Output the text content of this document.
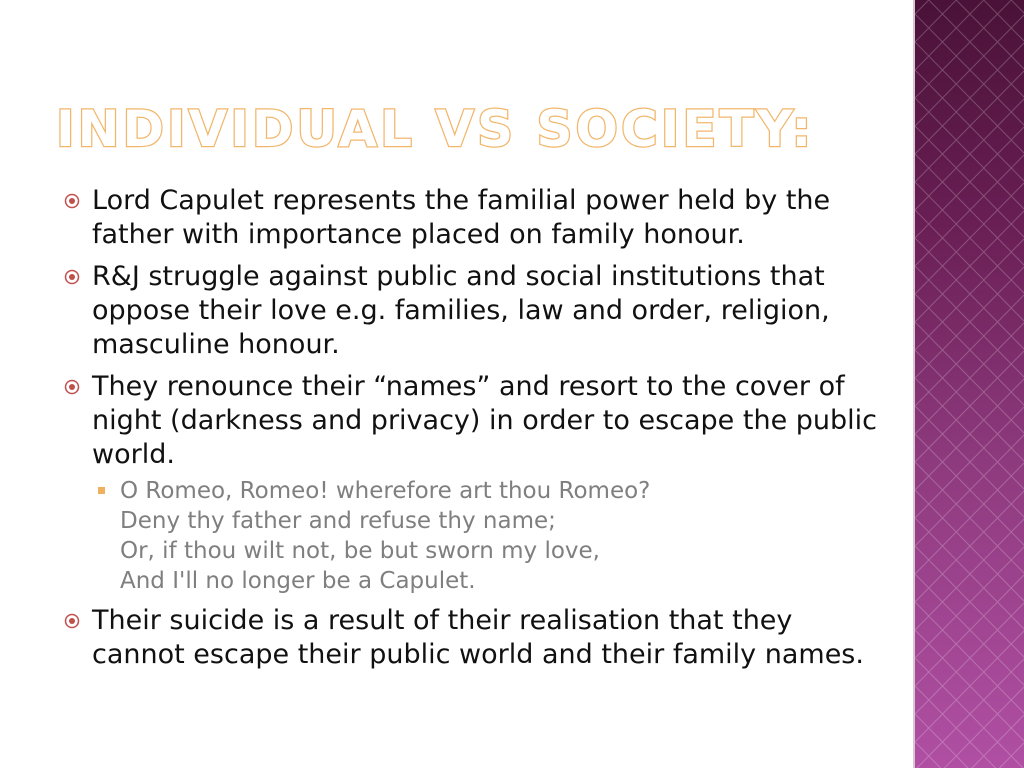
INDIVIDUAL VS SOCIETY:
Lord Capulet represents the familial power held by the father with importance placed on family honour.
R&J struggle against public and social institutions that oppose their love e.g. families, law and order, religion, masculine honour.
They renounce their “names” and resort to the cover of night (darkness and privacy) in order to escape the public world.
O Romeo, Romeo! wherefore art thou Romeo?
Deny thy father and refuse thy name;
Or, if thou wilt not, be but sworn my love,
And I'll no longer be a Capulet.
Their suicide is a result of their realisation that they cannot escape their public world and their family names.
